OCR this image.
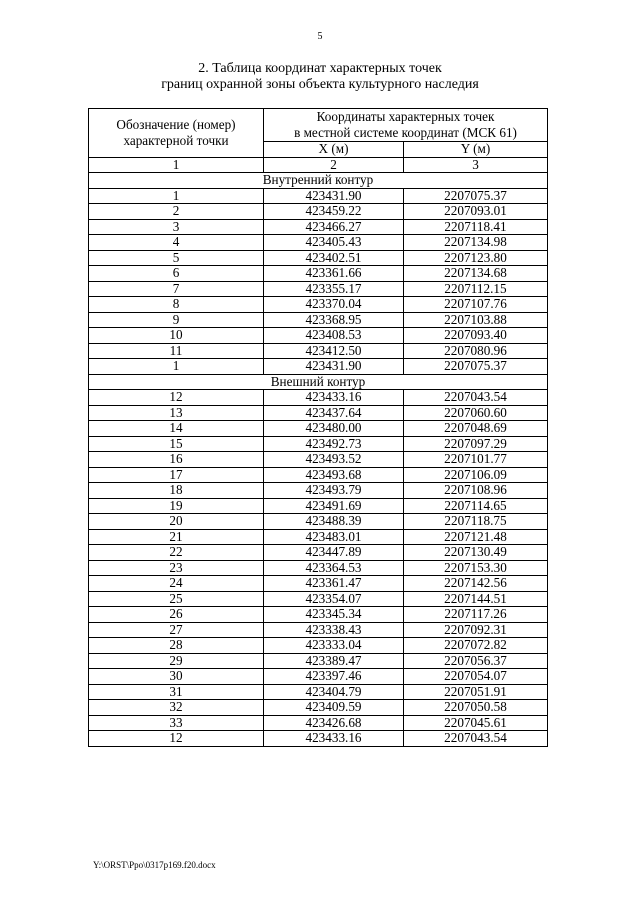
5
2. Таблица координат характерных точек
границ охранной зоны объекта культурного наследия
Обозначение (номер) характерной точки	Координаты характерных точек
в местной системе координат (МСК 61)	

	X (м)	Y (м)
1	2	3
Внутренний контур		
1	423431.90	2207075.37
2	423459.22	2207093.01
3	423466.27	2207118.41
4	423405.43	2207134.98
5	423402.51	2207123.80
6	423361.66	2207134.68
7	423355.17	2207112.15
8	423370.04	2207107.76
9	423368.95	2207103.88
10	423408.53	2207093.40
11	423412.50	2207080.96
1	423431.90	2207075.37
Внешний контур		
12	423433.16	2207043.54
13	423437.64	2207060.60
14	423480.00	2207048.69
15	423492.73	2207097.29
16	423493.52	2207101.77
17	423493.68	2207106.09
18	423493.79	2207108.96
19	423491.69	2207114.65
20	423488.39	2207118.75
21	423483.01	2207121.48
22	423447.89	2207130.49
23	423364.53	2207153.30
24	423361.47	2207142.56
25	423354.07	2207144.51
26	423345.34	2207117.26
27	423338.43	2207092.31
28	423333.04	2207072.82
29	423389.47	2207056.37
30	423397.46	2207054.07
31	423404.79	2207051.91
32	423409.59	2207050.58
33	423426.68	2207045.61
12	423433.16	2207043.54
Y:\ORST\Ppo\0317p169.f20.docx
